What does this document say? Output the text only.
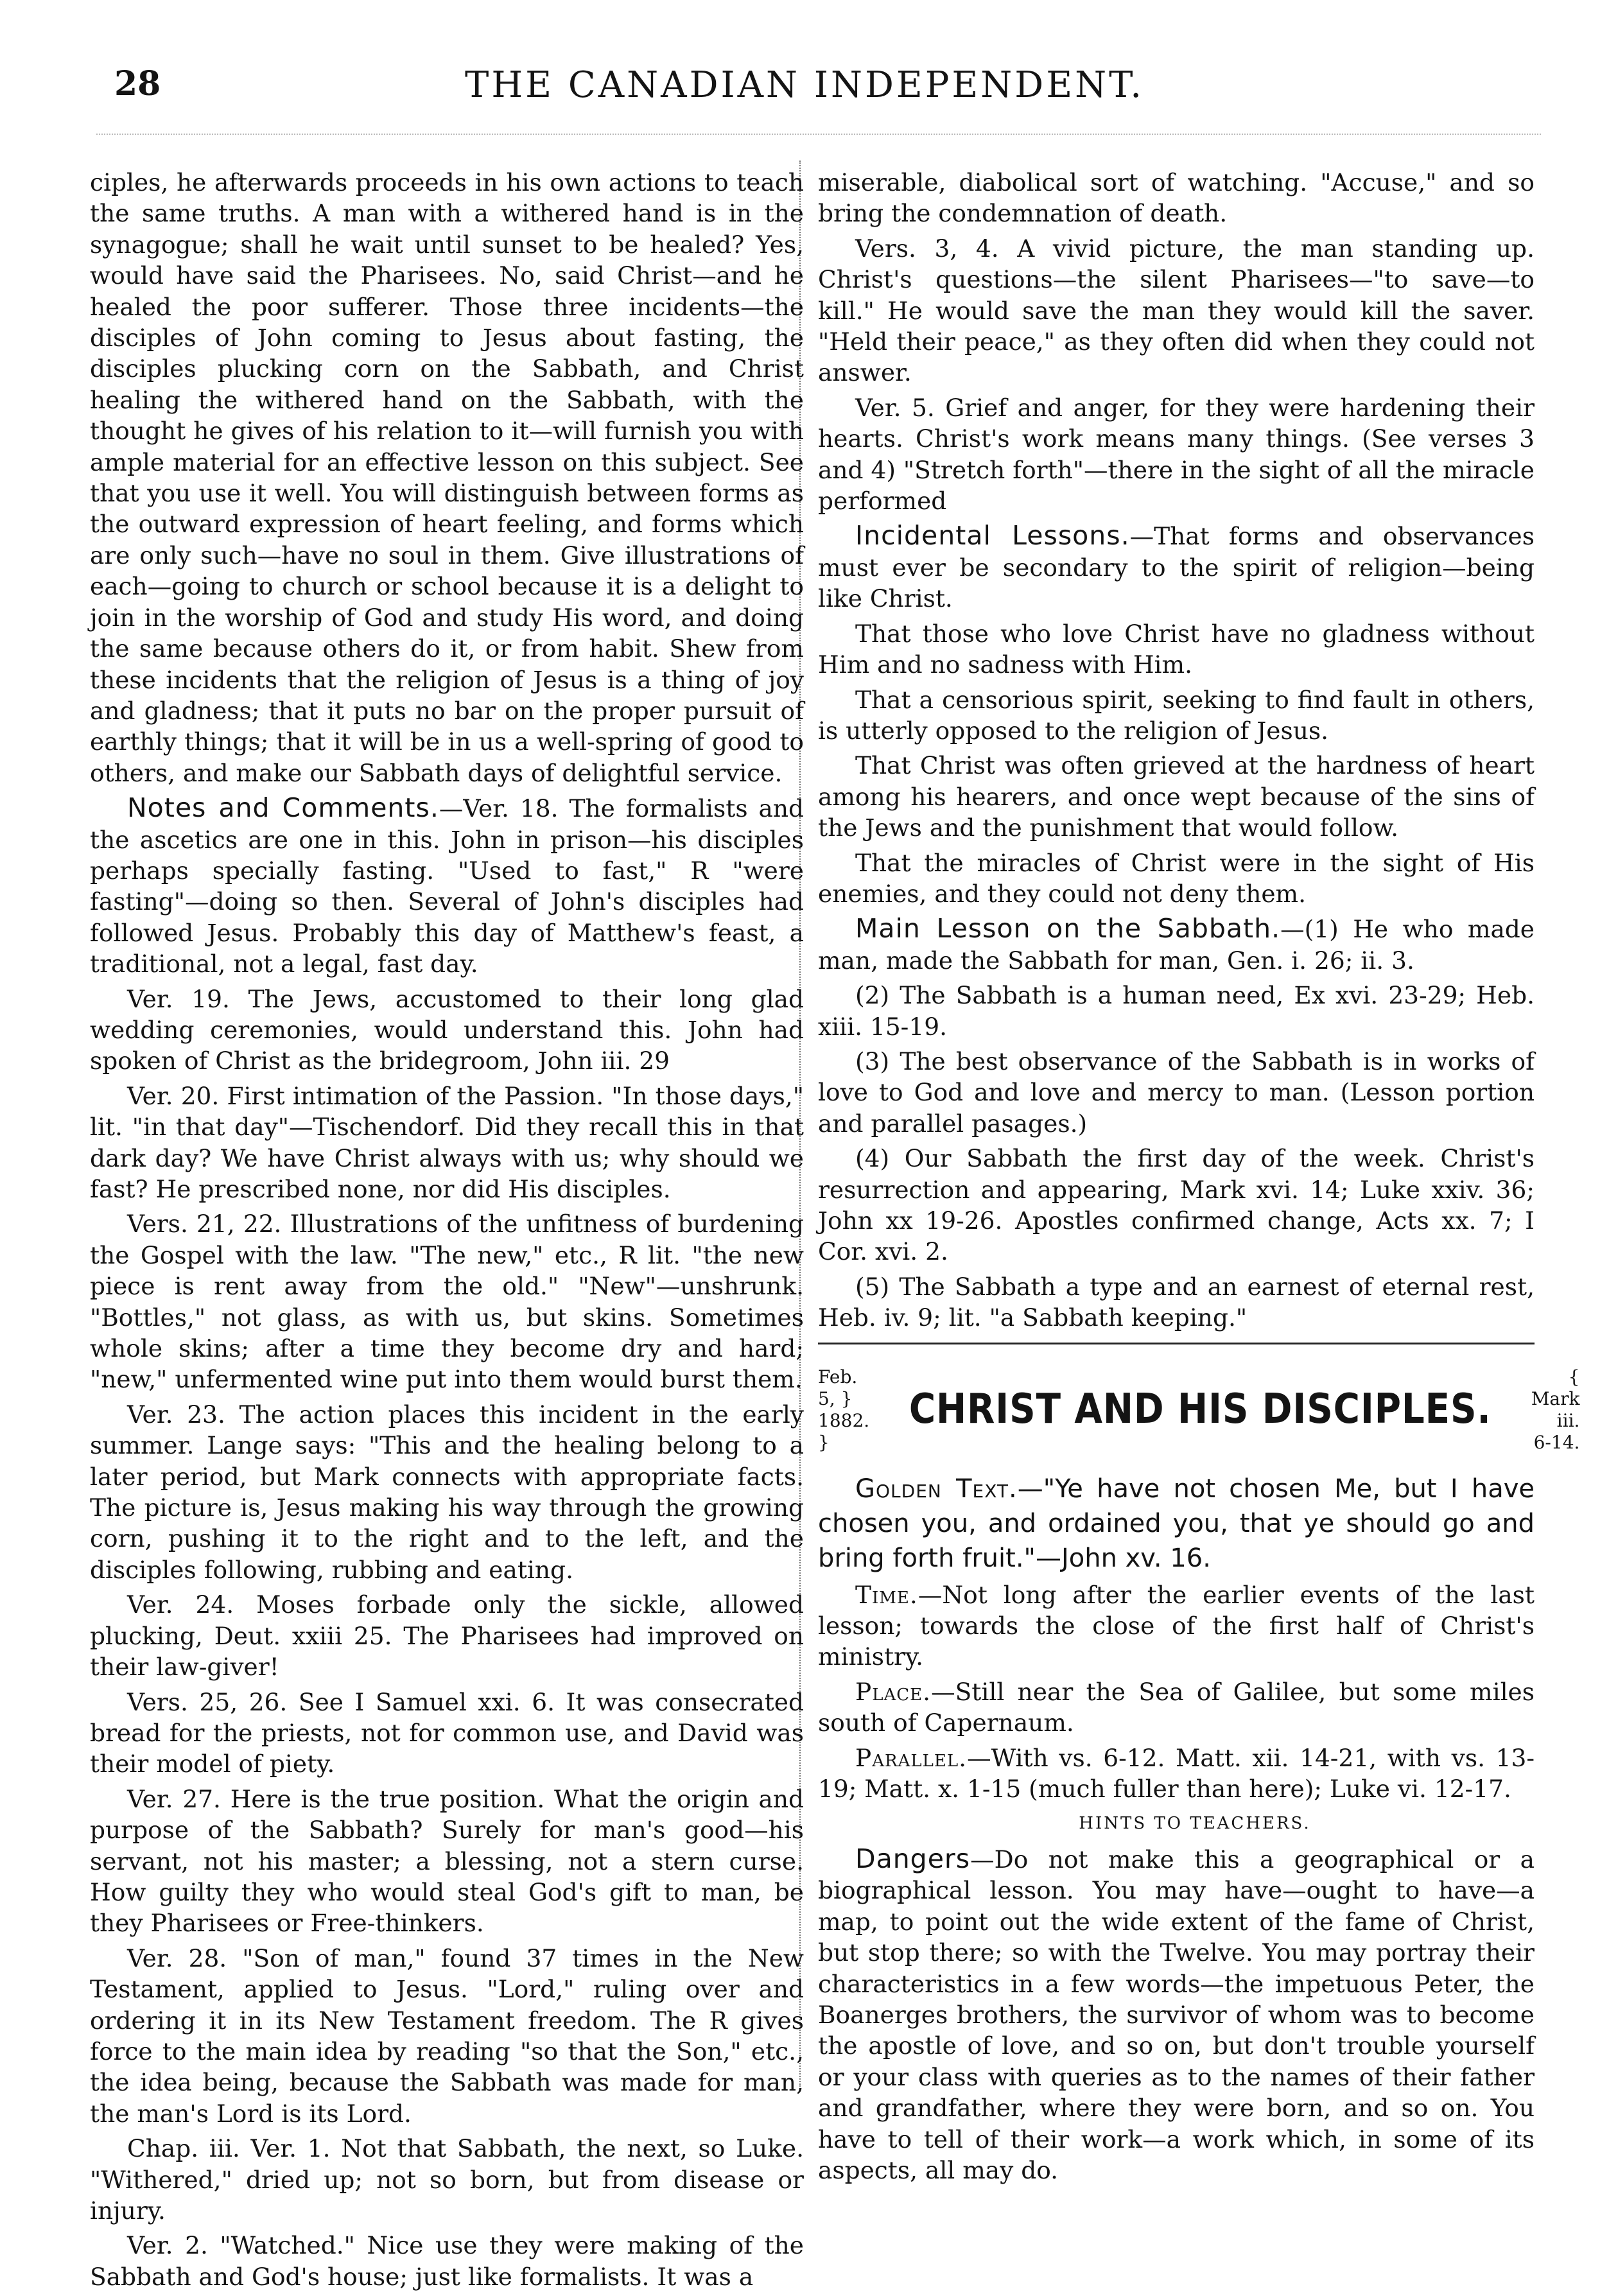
28	THE CANADIAN INDEPENDENT.

ciples, he afterwards proceeds in his own actions to teach the same truths. A man with a withered hand is in the synagogue; shall he wait until sunset to be healed? Yes, would have said the Pharisees. No, said Christ—and he healed the poor sufferer. Those three incidents—the disciples of John coming to Jesus about fasting, the disciples plucking corn on the Sabbath, and Christ healing the withered hand on the Sabbath, with the thought he gives of his relation to it—will furnish you with ample material for an effective lesson on this subject. See that you use it well. You will distinguish between forms as the outward expression of heart feeling, and forms which are only such—have no soul in them. Give illustrations of each—going to church or school because it is a delight to join in the worship of God and study His word, and doing the same because others do it, or from habit. Shew from these incidents that the religion of Jesus is a thing of joy and gladness; that it puts no bar on the proper pursuit of earthly things; that it will be in us a well-spring of good to others, and make our Sabbath days of delightful service.

Notes and Comments.—Ver. 18. The formalists and the ascetics are one in this. John in prison—his disciples perhaps specially fasting. "Used to fast," R "were fasting"—doing so then. Several of John's disciples had followed Jesus. Probably this day of Matthew's feast, a traditional, not a legal, fast day.

Ver. 19. The Jews, accustomed to their long glad wedding ceremonies, would understand this. John had spoken of Christ as the bridegroom, John iii. 29

Ver. 20. First intimation of the Passion. "In those days," lit. "in that day"—Tischendorf. Did they recall this in that dark day? We have Christ always with us; why should we fast? He prescribed none, nor did His disciples.

Vers. 21, 22. Illustrations of the unfitness of burdening the Gospel with the law. "The new," etc., R lit. "the new piece is rent away from the old." "New"—unshrunk. "Bottles," not glass, as with us, but skins. Sometimes whole skins; after a time they become dry and hard; "new," unfermented wine put into them would burst them.

Ver. 23. The action places this incident in the early summer. Lange says: "This and the healing belong to a later period, but Mark connects with appropriate facts. The picture is, Jesus making his way through the growing corn, pushing it to the right and to the left, and the disciples following, rubbing and eating.

Ver. 24. Moses forbade only the sickle, allowed plucking, Deut. xxiii 25. The Pharisees had improved on their law-giver!

Vers. 25, 26. See I Samuel xxi. 6. It was consecrated bread for the priests, not for common use, and David was their model of piety.

Ver. 27. Here is the true position. What the origin and purpose of the Sabbath? Surely for man's good—his servant, not his master; a blessing, not a stern curse. How guilty they who would steal God's gift to man, be they Pharisees or Free-thinkers.

Ver. 28. "Son of man," found 37 times in the New Testament, applied to Jesus. "Lord," ruling over and ordering it in its New Testament freedom. The R gives force to the main idea by reading "so that the Son," etc., the idea being, because the Sabbath was made for man, the man's Lord is its Lord.

Chap. iii. Ver. 1. Not that Sabbath, the next, so Luke. "Withered," dried up; not so born, but from disease or injury.

Ver. 2. "Watched." Nice use they were making of the Sabbath and God's house; just like formalists. It was a

miserable, diabolical sort of watching. "Accuse," and so bring the condemnation of death.

Vers. 3, 4. A vivid picture, the man standing up. Christ's questions—the silent Pharisees—"to save—to kill." He would save the man they would kill the saver. "Held their peace," as they often did when they could not answer.

Ver. 5. Grief and anger, for they were hardening their hearts. Christ's work means many things. (See verses 3 and 4) "Stretch forth"—there in the sight of all the miracle performed

Incidental Lessons.—That forms and observances must ever be secondary to the spirit of religion—being like Christ.

That those who love Christ have no gladness without Him and no sadness with Him.

That a censorious spirit, seeking to find fault in others, is utterly opposed to the religion of Jesus.

That Christ was often grieved at the hardness of heart among his hearers, and once wept because of the sins of the Jews and the punishment that would follow.

That the miracles of Christ were in the sight of His enemies, and they could not deny them.

Main Lesson on the Sabbath.—(1) He who made man, made the Sabbath for man, Gen. i. 26; ii. 3.

(2) The Sabbath is a human need, Ex xvi. 23-29; Heb. xiii. 15-19.

(3) The best observance of the Sabbath is in works of love to God and love and mercy to man. (Lesson portion and parallel pasages.)

(4) Our Sabbath the first day of the week. Christ's resurrection and appearing, Mark xvi. 14; Luke xxiv. 36; John xx 19-26. Apostles confirmed change, Acts xx. 7; I Cor. xvi. 2.

(5) The Sabbath a type and an earnest of eternal rest, Heb. iv. 9; lit. "a Sabbath keeping."

Feb. 5, }
1882. }
CHRIST AND HIS DISCIPLES.
{ Mark iii.
6-14.

Golden Text.—"Ye have not chosen Me, but I have chosen you, and ordained you, that ye should go and bring forth fruit."—John xv. 16.

Time.—Not long after the earlier events of the last lesson; towards the close of the first half of Christ's ministry.

Place.—Still near the Sea of Galilee, but some miles south of Capernaum.

Parallel.—With vs. 6-12. Matt. xii. 14-21, with vs. 13-19; Matt. x. 1-15 (much fuller than here); Luke vi. 12-17.

HINTS TO TEACHERS.

Dangers—Do not make this a geographical or a biographical lesson. You may have—ought to have—a map, to point out the wide extent of the fame of Christ, but stop there; so with the Twelve. You may portray their characteristics in a few words—the impetuous Peter, the Boanerges brothers, the survivor of whom was to become the apostle of love, and so on, but don't trouble yourself or your class with queries as to the names of their father and grandfather, where they were born, and so on. You have to tell of their work—a work which, in some of its aspects, all may do.
